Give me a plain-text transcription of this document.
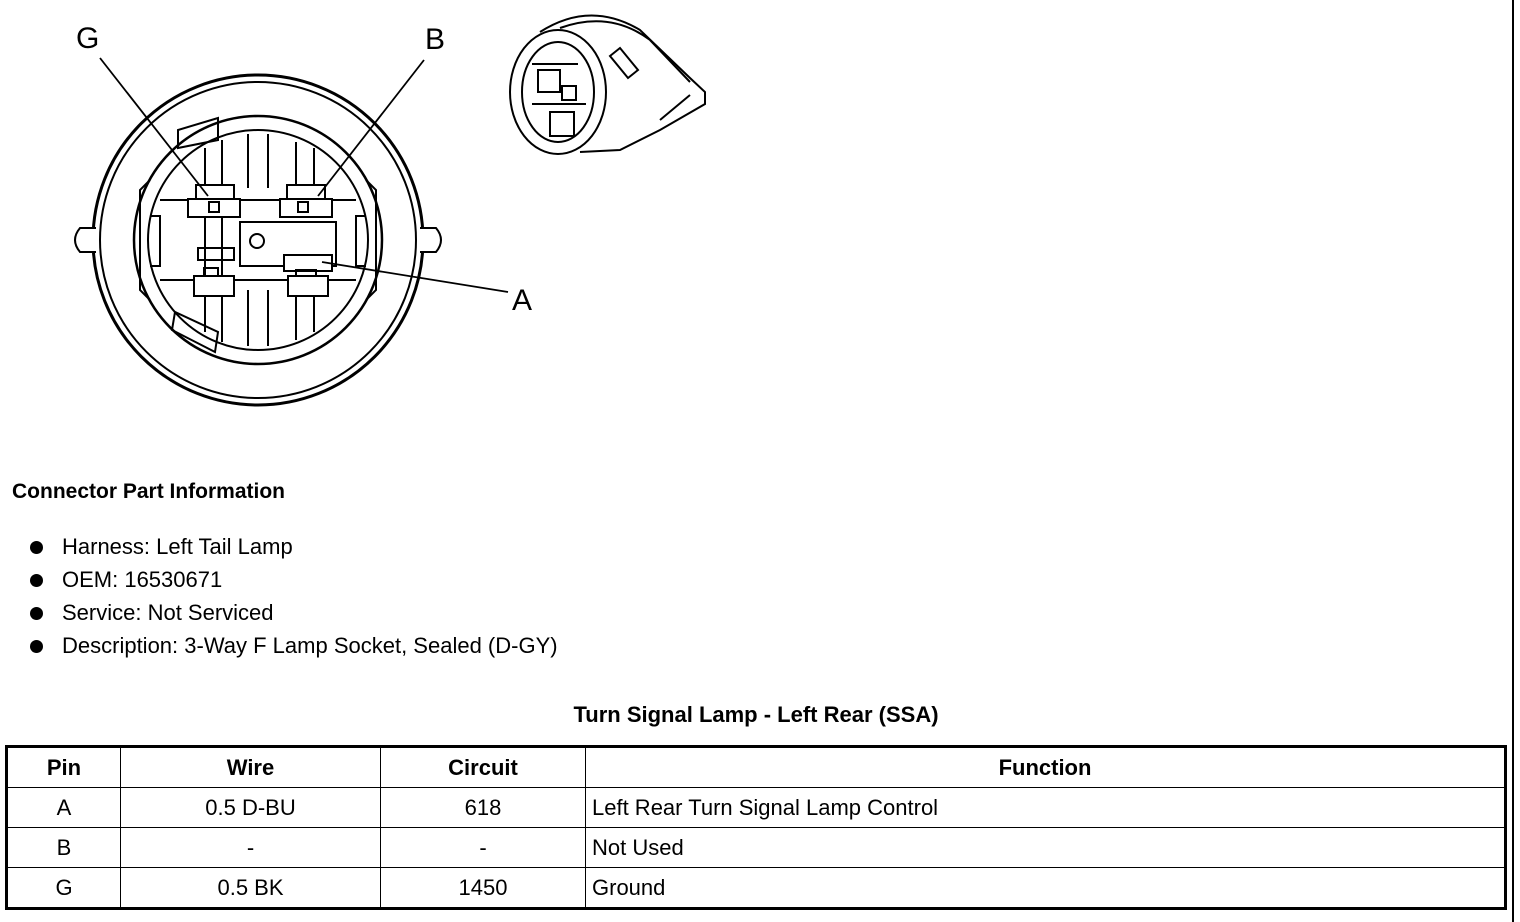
G	B
A
Connector Part Information
Harness: Left Tail Lamp
OEM: 16530671
Service: Not Serviced
Description: 3-Way F Lamp Socket, Sealed (D-GY)
Turn Signal Lamp - Left Rear (SSA)
Pin	Wire	Circuit	Function
A	0.5 D-BU	618	Left Rear Turn Signal Lamp Control
B	-	-	Not Used
G	0.5 BK	1450	Ground
